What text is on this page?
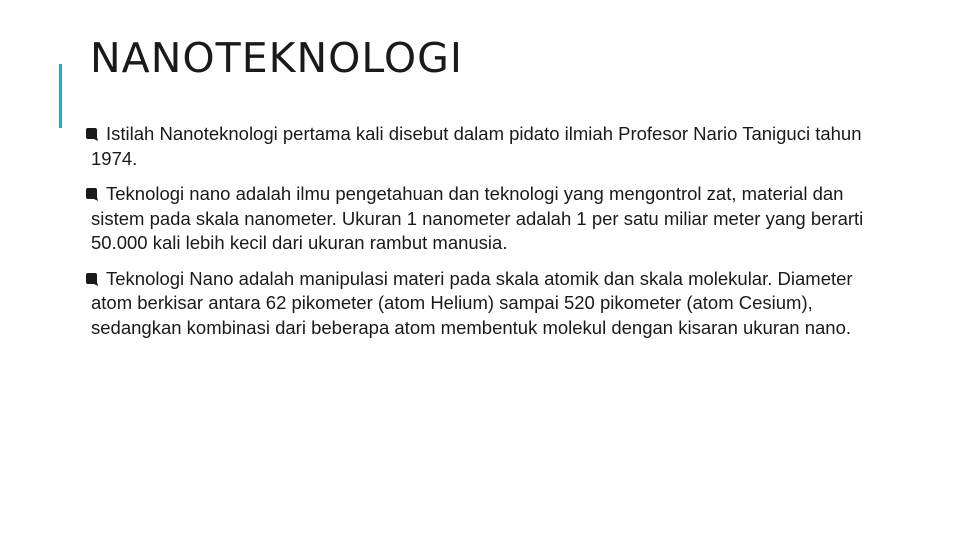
NANOTEKNOLOGI
Istilah Nanoteknologi pertama kali disebut dalam pidato ilmiah Profesor Nario Taniguci tahun 1974.
Teknologi nano adalah ilmu pengetahuan dan teknologi yang mengontrol zat, material dan sistem pada skala nanometer. Ukuran 1 nanometer adalah 1 per satu miliar meter yang berarti 50.000 kali lebih kecil dari ukuran rambut manusia.
Teknologi Nano adalah manipulasi materi pada skala atomik dan skala molekular. Diameter atom berkisar antara 62 pikometer (atom Helium) sampai 520 pikometer (atom Cesium), sedangkan kombinasi dari beberapa atom membentuk molekul dengan kisaran ukuran nano.
